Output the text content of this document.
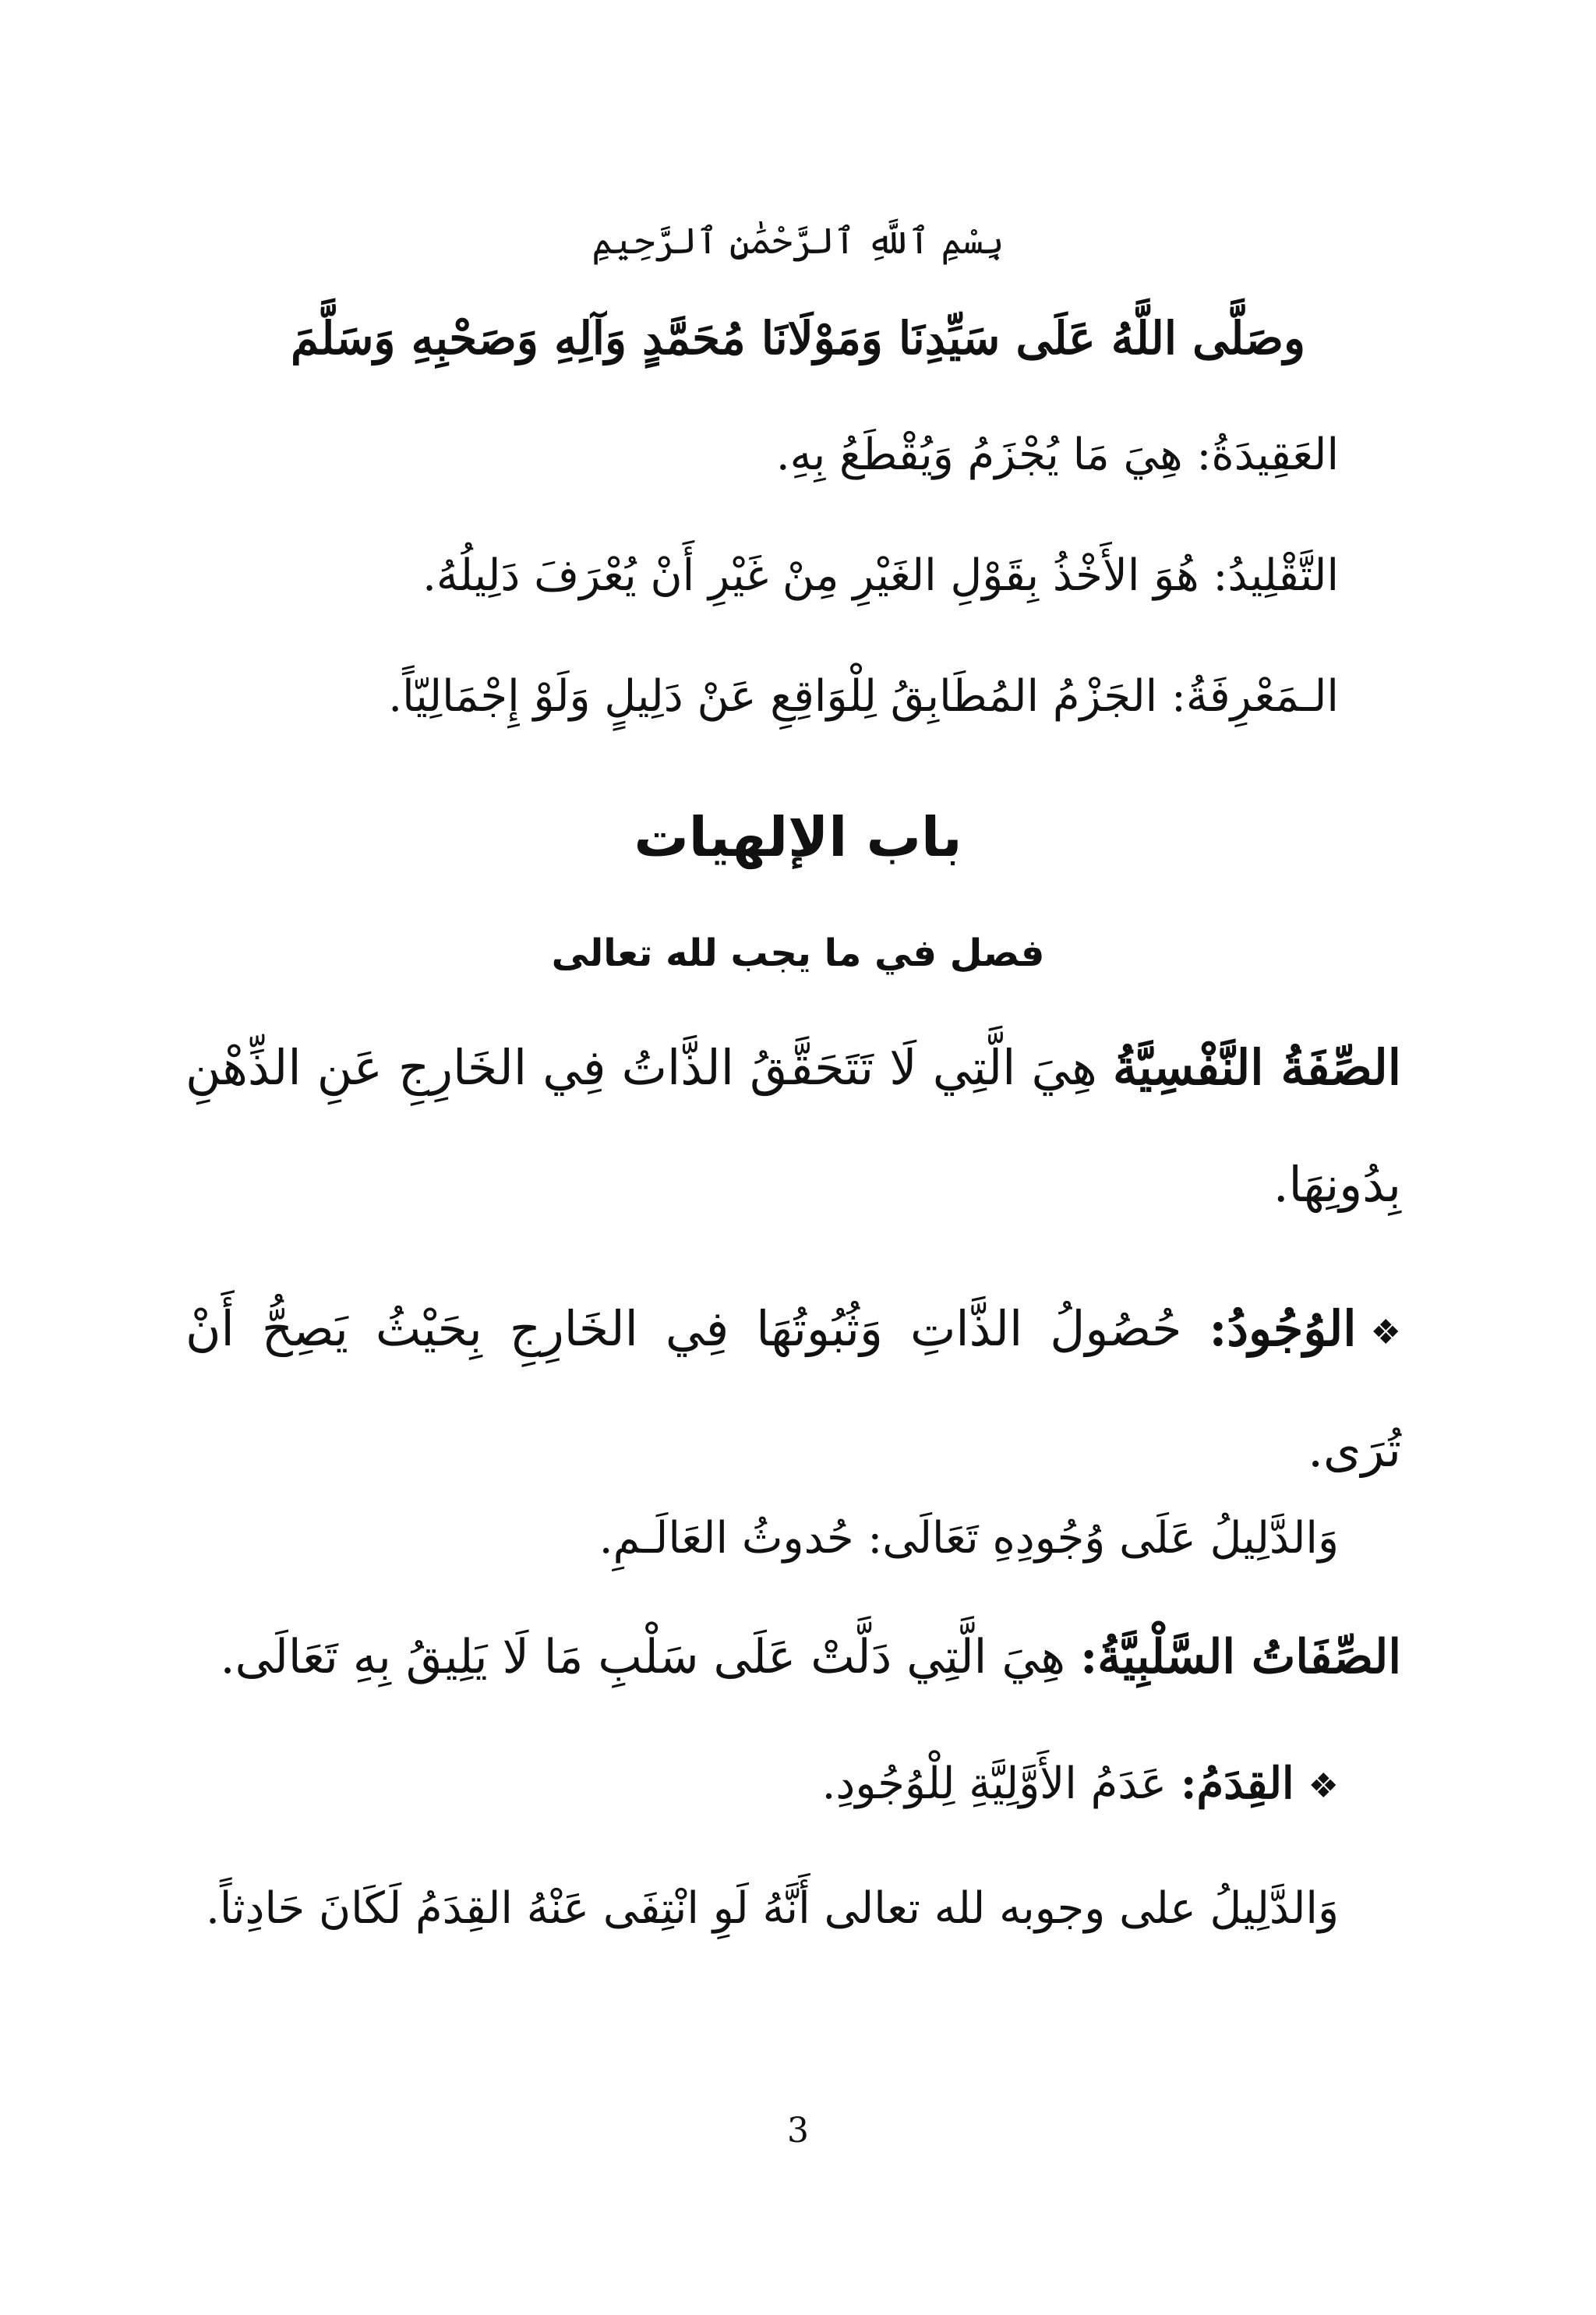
بِسْمِ ٱللَّهِ ٱلرَّحْمَٰنِ ٱلرَّحِيمِ
وصَلَّى اللَّهُ عَلَى سَيِّدِنَا وَمَوْلَانَا مُحَمَّدٍ وَآلِهِ وَصَحْبِهِ وَسَلَّمَ
العَقِيدَةُ: هِيَ مَا يُجْزَمُ وَيُقْطَعُ بِهِ.
التَّقْلِيدُ: هُوَ الأَخْذُ بِقَوْلِ الغَيْرِ مِنْ غَيْرِ أَنْ يُعْرَفَ دَلِيلُهُ.
الـمَعْرِفَةُ: الجَزْمُ المُطَابِقُ لِلْوَاقِعِ عَنْ دَلِيلٍ وَلَوْ إِجْمَالِيّاً.
باب الإلهيات
فصل في ما يجب لله تعالى
الصِّفَةُ النَّفْسِيَّةُ هِيَ الَّتِي لَا تَتَحَقَّقُ الذَّاتُ فِي الخَارِجِ عَنِ الذِّهْنِ بِدُونِهَا.
❖الوُجُودُ: حُصُولُ الذَّاتِ وَثُبُوتُهَا فِي الخَارِجِ بِحَيْثُ يَصِحُّ أَنْ تُرَى.
وَالدَّلِيلُ عَلَى وُجُودِهِ تَعَالَى: حُدوثُ العَالَـمِ.
الصِّفَاتُ السَّلْبِيَّةُ: هِيَ الَّتِي دَلَّتْ عَلَى سَلْبِ مَا لَا يَلِيقُ بِهِ تَعَالَى.
❖القِدَمُ: عَدَمُ الأَوَّلِيَّةِ لِلْوُجُودِ.
وَالدَّلِيلُ على وجوبه لله تعالى أَنَّهُ لَوِ انْتِفَى عَنْهُ القِدَمُ لَكَانَ حَادِثاً.
3
